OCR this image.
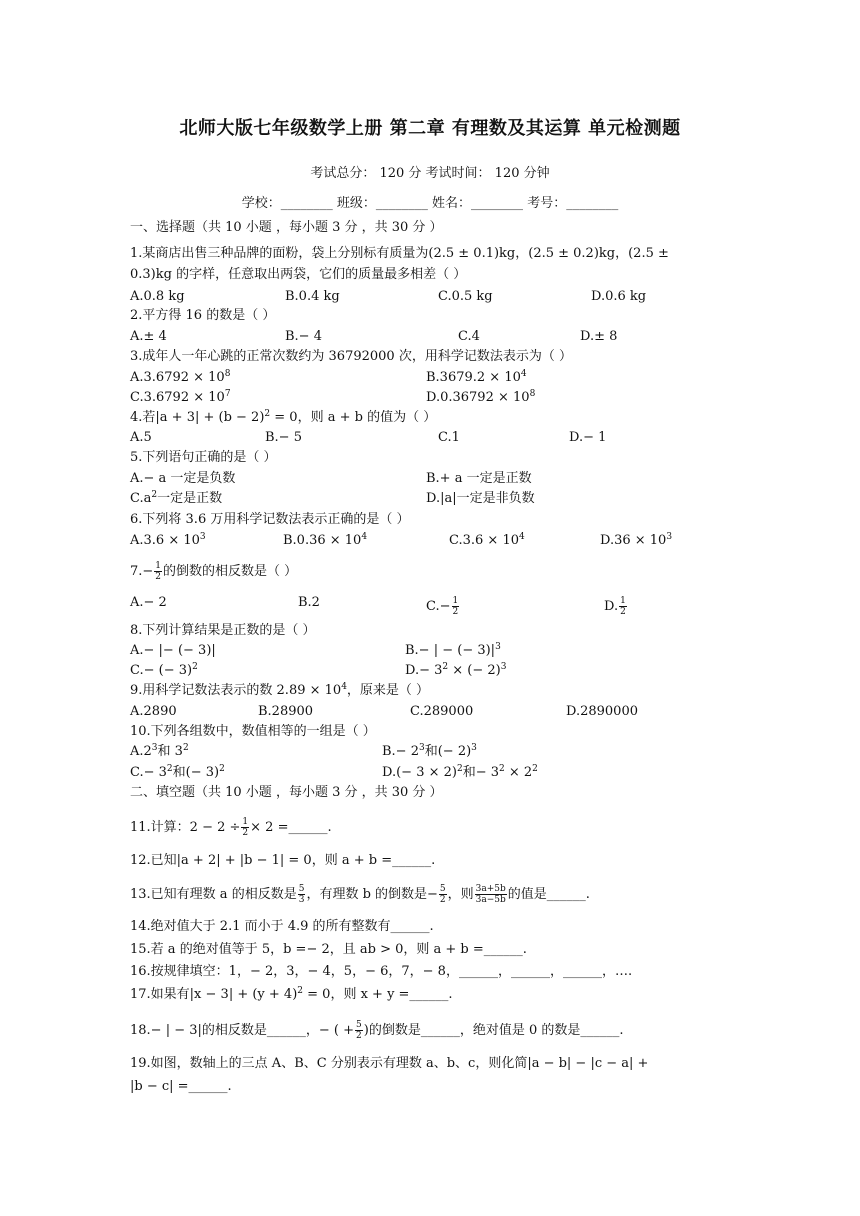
北师大版七年级数学上册 第二章 有理数及其运算 单元检测题
考试总分： 120 分 考试时间： 120 分钟
学校：________ 班级：________ 姓名：________ 考号：________
一、选择题（共 10 小题 ，每小题 3 分 ，共 30 分 ）
1.某商店出售三种品牌的面粉，袋上分别标有质量为(2.5 ± 0.1)kg，(2.5 ± 0.2)kg，(2.5 ±
0.3)kg 的字样，任意取出两袋，它们的质量最多相差（ ）
A.0.8 kg	B.0.4 kg	C.0.5 kg	D.0.6 kg
2.平方得 16 的数是（ ）
A.± 4	B.− 4	C.4	D.± 8
3.成年人一年心跳的正常次数约为 36792000 次，用科学记数法表示为（ ）
$A.3.6792 \times 10^8$	$B.3679.2 \times 10^4$
$C.3.6792 \times 10^7$	$D.0.36792 \times 10^8$
4.若$|a + 3| + (b - 2)^2 = 0$，则 a + b 的值为（ ）
A.5	B.− 5	C.1	D.− 1
5.下列语句正确的是（ ）
A.− a 一定是负数	B.+ a 一定是正数
$C.a^2$一定是正数	D.|a|一定是非负数
6.下列将 3.6 万用科学记数法表示正确的是（ ）
$A.3.6 \times 10^3$	$B.0.36 \times 10^4$	$C.3.6 \times 10^4$	$D.36 \times 10^3$
$7.- \frac{1}{2}$ 的倒数的相反数是（ ）
A.− 2	B.2	$C.- \frac{1}{2}$	D. $\frac{1}{2}$
8.下列计算结果是正数的是（ ）
A.− |− (− 3)|	B.− | − (− $3)|^3$
C.− (− 3)$^2$	$D.- 3^2$ × (− 2)$^3$
9.用科学记数法表示的数 $2.89 \times 10^4$，原来是（ ）
A.2890	B.28900	C.289000	D.2890000
10.下列各组数中，数值相等的一组是（ ）
$A.2^3$和 $3^2$	$B.- 2^3$和(− 2)$^3$
$C.- 3^2$和(− 3)$^2$	$D.(- 3 \times 2)^2$和− $3^2 \times 2^2$
二、填空题（共 10 小题 ，每小题 3 分 ，共 30 分 ）
11.计算：$2 - 2 \div \frac{1}{2} \times 2$ =______.
12.已知|a + 2| + |b − 1| = 0，则 a + b =______.
13.已知有理数 a 的相反数是 $\frac{5}{3}$ ，有理数 b 的倒数是− $\frac{5}{2}$ ，则 $\frac{3a+5b}{3a-5b}$ 的值是______.
14.绝对值大于 2.1 而小于 4.9 的所有整数有______.
15.若 a 的绝对值等于 5，b =− 2，且 ab > 0，则 a + b =______.
16.按规律填空：1，− 2，3，− 4，5，− 6，7，− 8，______，______，______，….
17.如果有$|x - 3| + (y + 4)^2 = 0$，则 x + y =______.
18.− | − 3|的相反数是______，− ( + $\frac{5}{2}$ )的倒数是______，绝对值是 0 的数是______.
19.如图，数轴上的三点 A、B、C 分别表示有理数 a、b、c，则化简|a − b| − |c − a| +
|b − c| =______.
